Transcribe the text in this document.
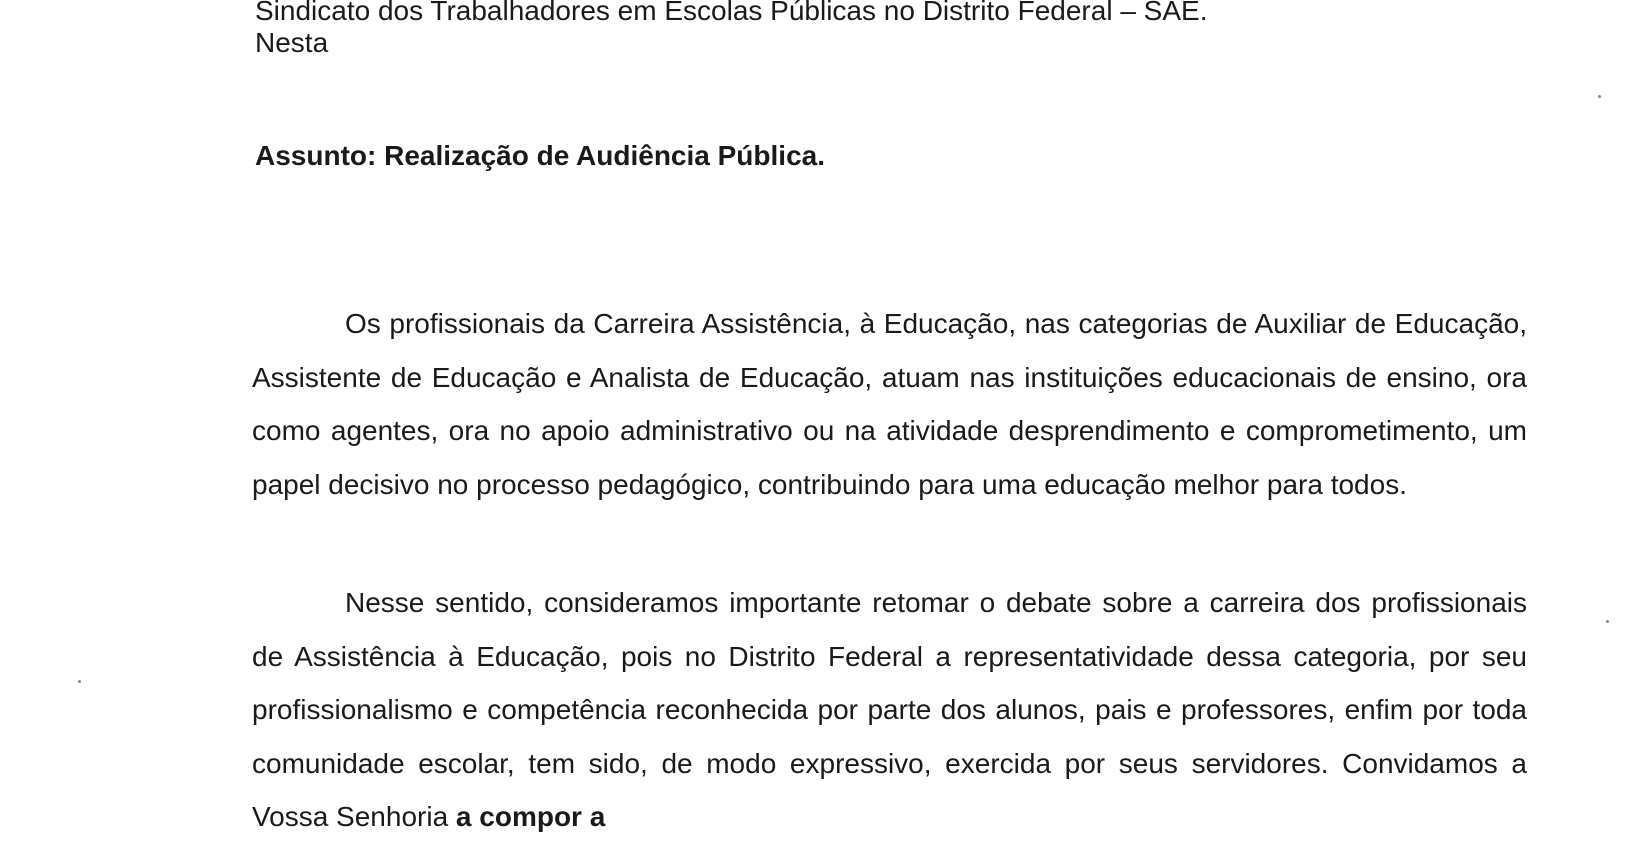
Sindicato dos Trabalhadores em Escolas Públicas no Distrito Federal – SAE.
Nesta
Assunto: Realização de Audiência Pública.

Os profissionais da Carreira Assistência, à Educação, nas categorias de Auxiliar de Educação, Assistente de Educação e Analista de Educação, atuam nas instituições educacionais de ensino, ora como agentes, ora no apoio administrativo ou na atividade desprendimento e comprometimento, um papel decisivo no processo pedagógico, contribuindo para uma educação melhor para todos.

Nesse sentido, consideramos importante retomar o debate sobre a carreira dos profissionais de Assistência à Educação, pois no Distrito Federal a representatividade dessa categoria, por seu profissionalismo e competência reconhecida por parte dos alunos, pais e professores, enfim por toda comunidade escolar, tem sido, de modo expressivo, exercida por seus servidores. Convidamos a Vossa Senhoria a compor a
